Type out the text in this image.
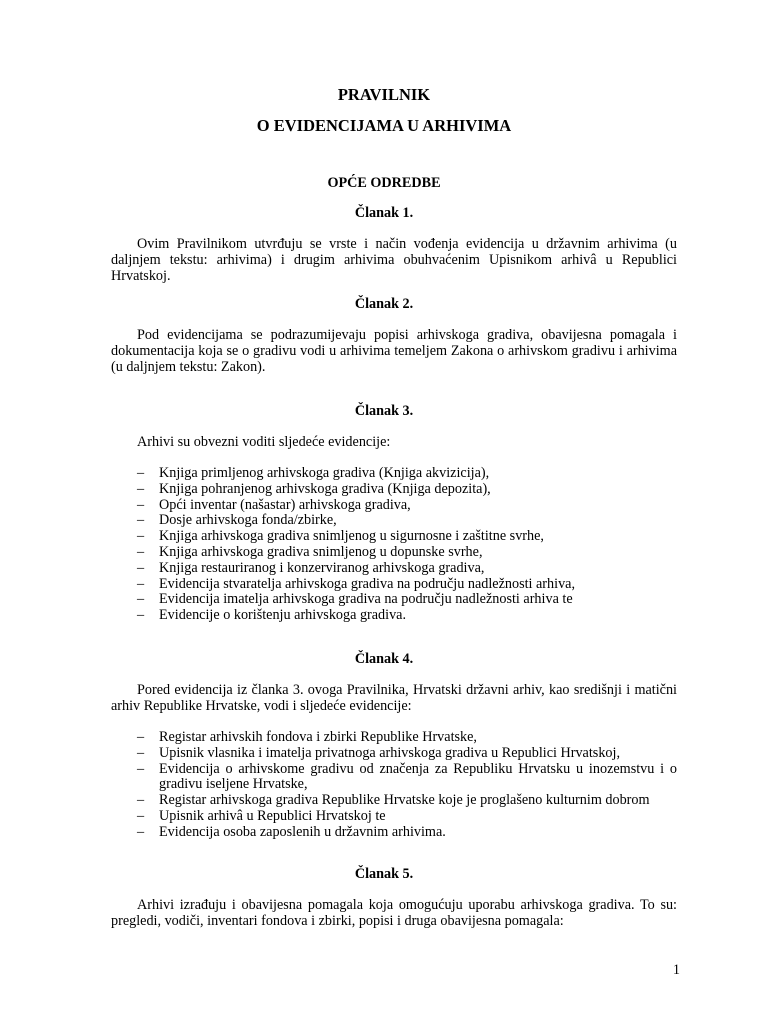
PRAVILNIK
O EVIDENCIJAMA U ARHIVIMA
OPĆE ODREDBE
Članak 1.
Ovim Pravilnikom utvrđuju se vrste i način vođenja evidencija u državnim arhivima (u daljnjem tekstu: arhivima) i drugim arhivima obuhvaćenim Upisnikom arhivâ u Republici Hrvatskoj.
Članak 2.
Pod evidencijama se podrazumijevaju popisi arhivskoga gradiva, obavijesna pomagala i dokumentacija koja se o gradivu vodi u arhivima temeljem Zakona o arhivskom gradivu i arhivima (u daljnjem tekstu: Zakon).
Članak 3.
Arhivi su obvezni voditi sljedeće evidencije:
– Knjiga primljenog arhivskoga gradiva (Knjiga akvizicija),
– Knjiga pohranjenog arhivskoga gradiva (Knjiga depozita),
– Opći inventar (našastar) arhivskoga gradiva,
– Dosje arhivskoga fonda/zbirke,
– Knjiga arhivskoga gradiva snimljenog u sigurnosne i zaštitne svrhe,
– Knjiga arhivskoga gradiva snimljenog u dopunske svrhe,
– Knjiga restauriranog i konzerviranog arhivskoga gradiva,
– Evidencija stvaratelja arhivskoga gradiva na području nadležnosti arhiva,
– Evidencija imatelja arhivskoga gradiva na području nadležnosti arhiva te
– Evidencije o korištenju arhivskoga gradiva.
Članak 4.
Pored evidencija iz članka 3. ovoga Pravilnika, Hrvatski državni arhiv, kao središnji i matični arhiv Republike Hrvatske, vodi i sljedeće evidencije:
– Registar arhivskih fondova i zbirki Republike Hrvatske,
– Upisnik vlasnika i imatelja privatnoga arhivskoga gradiva u Republici Hrvatskoj,
– Evidencija o arhivskome gradivu od značenja za Republiku Hrvatsku u inozemstvu i o gradivu iseljene Hrvatske,
– Registar arhivskoga gradiva Republike Hrvatske koje je proglašeno kulturnim dobrom
– Upisnik arhivâ u Republici Hrvatskoj te
– Evidencija osoba zaposlenih u državnim arhivima.
Članak 5.
Arhivi izrađuju i obavijesna pomagala koja omogućuju uporabu arhivskoga gradiva. To su: pregledi, vodiči, inventari fondova i zbirki, popisi i druga obavijesna pomagala:
1
